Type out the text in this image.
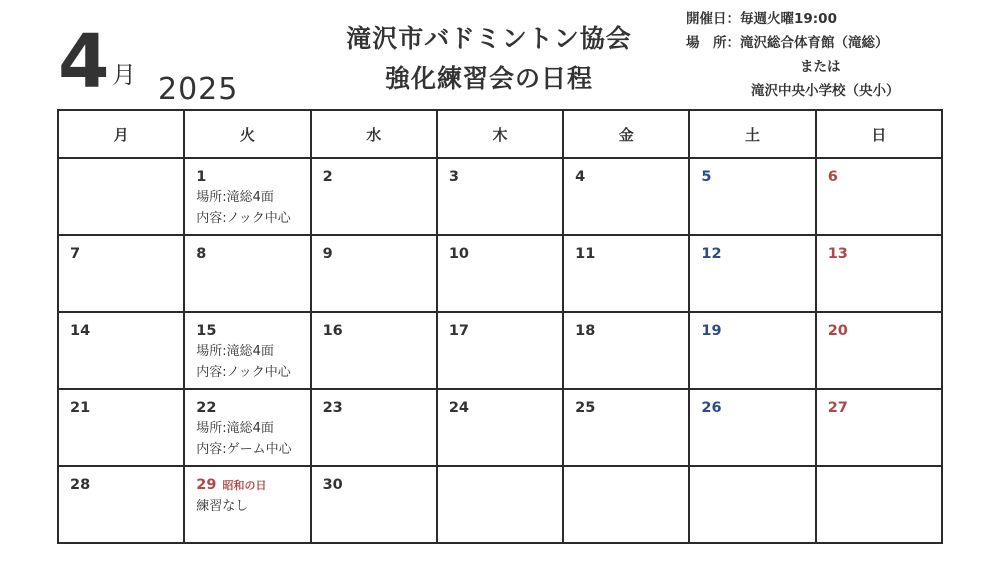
4 月 2025
滝沢市バドミントン協会
強化練習会の日程
開催日：毎週火曜19:00
場　所：滝沢総合体育館（滝総）
または
滝沢中央小学校（央小）
月	火	水	木	金	土	日

	1
場所:滝総4面
内容:ノック中心	2	3	4	5	6

7	8	9	10	11	12	13

14	15
場所:滝総4面
内容:ノック中心	16	17	18	19	20

21	22
場所:滝総4面
内容:ゲーム中心	23	24	25	26	27

28	29 昭和の日
練習なし	30				
